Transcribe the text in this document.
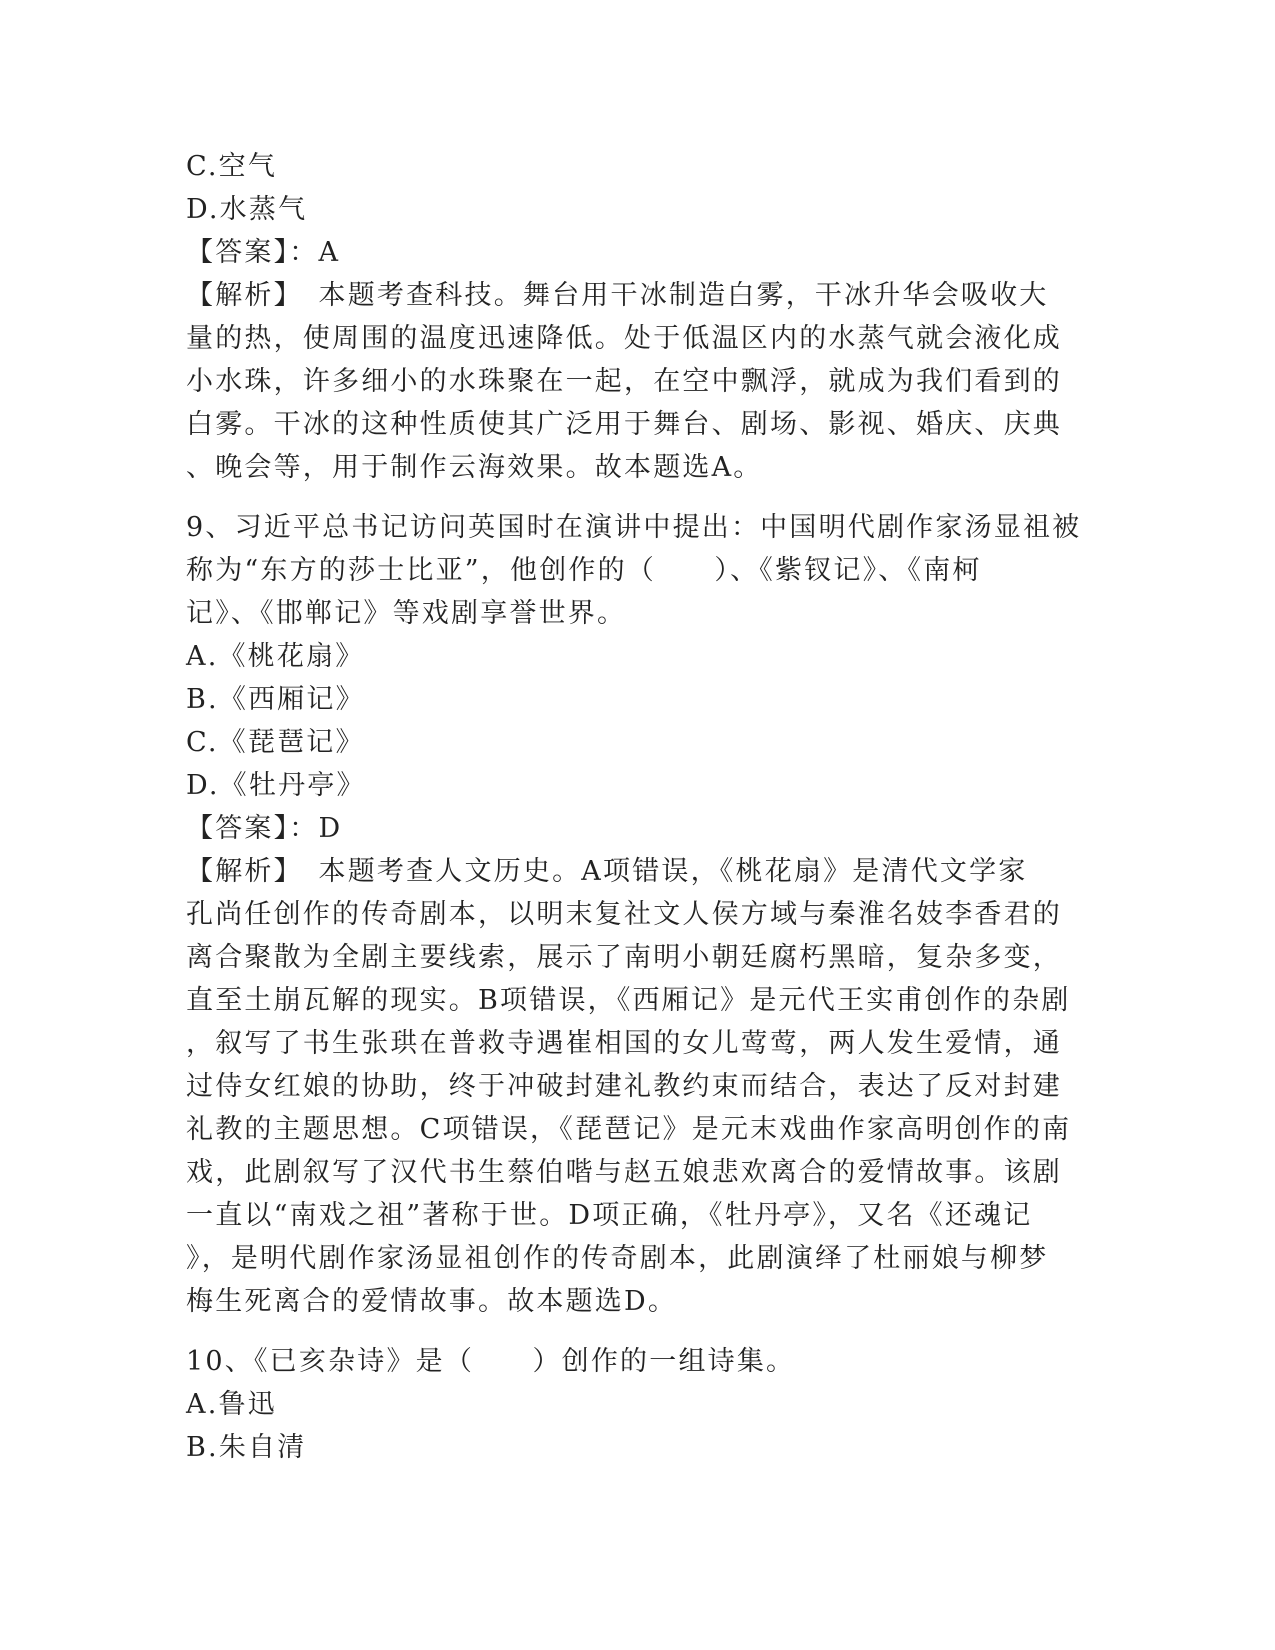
C.空气
D.水蒸气
【答案】：A
【解析】　本题考查科技。舞台用干冰制造白雾，干冰升华会吸收大
量的热，使周围的温度迅速降低。处于低温区内的水蒸气就会液化成
小水珠，许多细小的水珠聚在一起，在空中飘浮，就成为我们看到的
白雾。干冰的这种性质使其广泛用于舞台、剧场、影视、婚庆、庆典
、晚会等，用于制作云海效果。故本题选A。
9、习近平总书记访问英国时在演讲中提出：中国明代剧作家汤显祖被
称为“东方的莎士比亚”，他创作的（　　）、《紫钗记》、《南柯
记》、《邯郸记》等戏剧享誉世界。
A.《桃花扇》
B.《西厢记》
C.《琵琶记》
D.《牡丹亭》
【答案】：D
【解析】　本题考查人文历史。A项错误，《桃花扇》是清代文学家
孔尚任创作的传奇剧本，以明末复社文人侯方域与秦淮名妓李香君的
离合聚散为全剧主要线索，展示了南明小朝廷腐朽黑暗，复杂多变，
直至土崩瓦解的现实。B项错误，《西厢记》是元代王实甫创作的杂剧
，叙写了书生张珙在普救寺遇崔相国的女儿莺莺，两人发生爱情，通
过侍女红娘的协助，终于冲破封建礼教约束而结合，表达了反对封建
礼教的主题思想。C项错误，《琵琶记》是元末戏曲作家高明创作的南
戏，此剧叙写了汉代书生蔡伯喈与赵五娘悲欢离合的爱情故事。该剧
一直以“南戏之祖”著称于世。D项正确，《牡丹亭》，又名《还魂记
》，是明代剧作家汤显祖创作的传奇剧本，此剧演绎了杜丽娘与柳梦
梅生死离合的爱情故事。故本题选D。
10、《已亥杂诗》是（　　）创作的一组诗集。
A.鲁迅
B.朱自清
